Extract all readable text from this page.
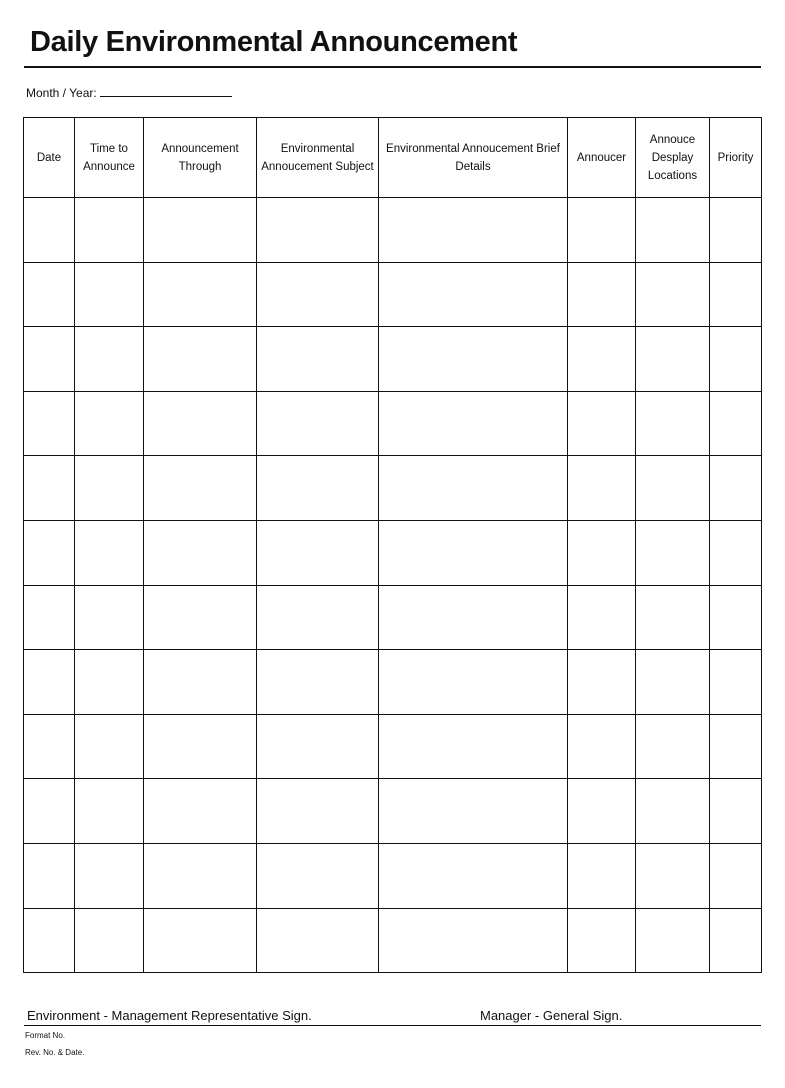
Daily Environmental Announcement
Month / Year:
Date	Time to Announce	Announcement Through	Environmental Annoucement Subject	Environmental Annoucement Brief Details	Annoucer	Annouce Desplay Locations	Priority

Environment - Management Representative Sign.	Manager - General Sign.
Format No.
Rev. No. & Date.
